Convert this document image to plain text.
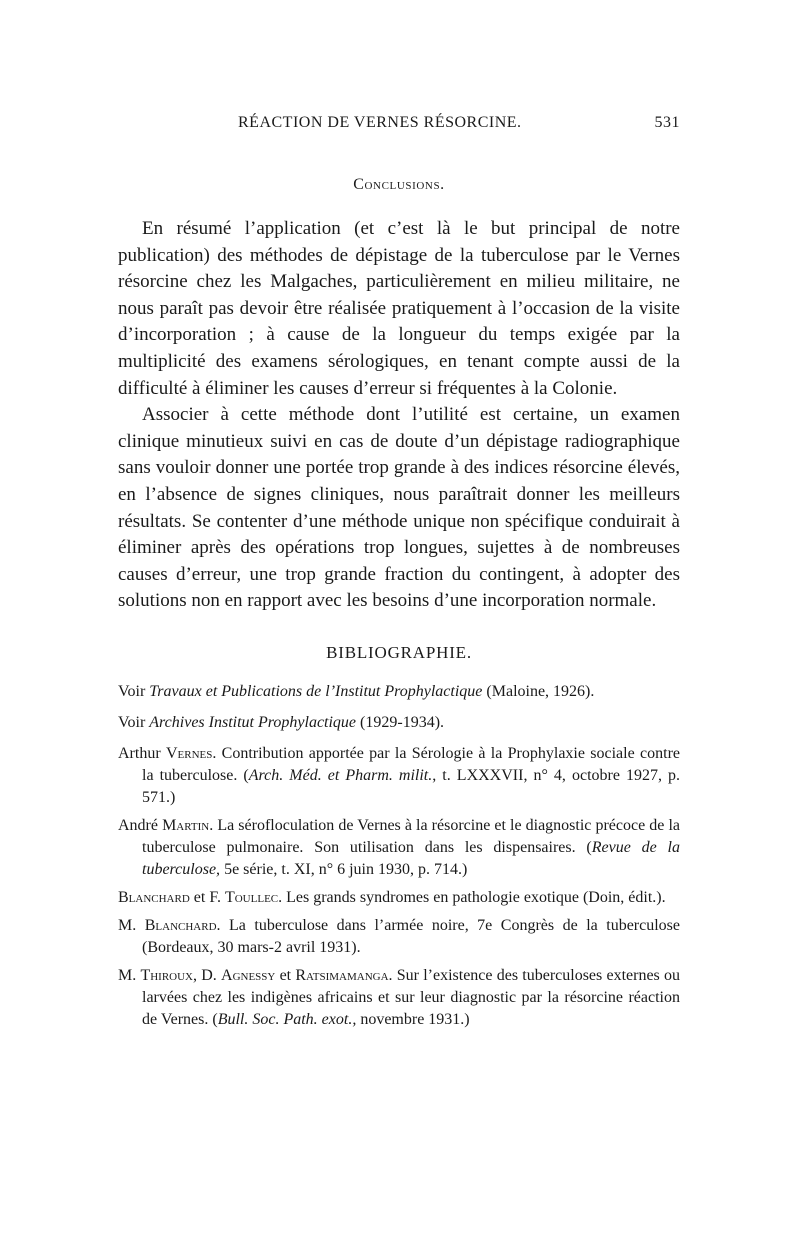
RÉACTION DE VERNES RÉSORCINE.	531
Conclusions.

En résumé l’application (et c’est là le but principal de notre publication) des méthodes de dépistage de la tuberculose par le Vernes résorcine chez les Malgaches, particulièrement en milieu militaire, ne nous paraît pas devoir être réalisée pratiquement à l’occasion de la visite d’incorporation ; à cause de la longueur du temps exigée par la multiplicité des examens sérologiques, en tenant compte aussi de la difficulté à éliminer les causes d’erreur si fréquentes à la Colonie.

Associer à cette méthode dont l’utilité est certaine, un examen clinique minutieux suivi en cas de doute d’un dépistage radiographique sans vouloir donner une portée trop grande à des indices résorcine élevés, en l’absence de signes cliniques, nous paraîtrait donner les meilleurs résultats. Se contenter d’une méthode unique non spécifique conduirait à éliminer après des opérations trop longues, sujettes à de nombreuses causes d’erreur, une trop grande fraction du contingent, à adopter des solutions non en rapport avec les besoins d’une incorporation normale.

BIBLIOGRAPHIE.
Voir Travaux et Publications de l’Institut Prophylactique (Maloine, 1926).
Voir Archives Institut Prophylactique (1929-1934).
Arthur Vernes. Contribution apportée par la Sérologie à la Prophylaxie sociale contre la tuberculose. (Arch. Méd. et Pharm. milit., t. LXXXVII, n° 4, octobre 1927, p. 571.)
André Martin. La sérofloculation de Vernes à la résorcine et le diagnostic précoce de la tuberculose pulmonaire. Son utilisation dans les dispensaires. (Revue de la tuberculose, 5e série, t. XI, n° 6 juin 1930, p. 714.)
Blanchard et F. Toullec. Les grands syndromes en pathologie exotique (Doin, édit.).
M. Blanchard. La tuberculose dans l’armée noire, 7e Congrès de la tuberculose (Bordeaux, 30 mars-2 avril 1931).
M. Thiroux, D. Agnessy et Ratsimamanga. Sur l’existence des tuberculoses externes ou larvées chez les indigènes africains et sur leur diagnostic par la résorcine réaction de Vernes. (Bull. Soc. Path. exot., novembre 1931.)
